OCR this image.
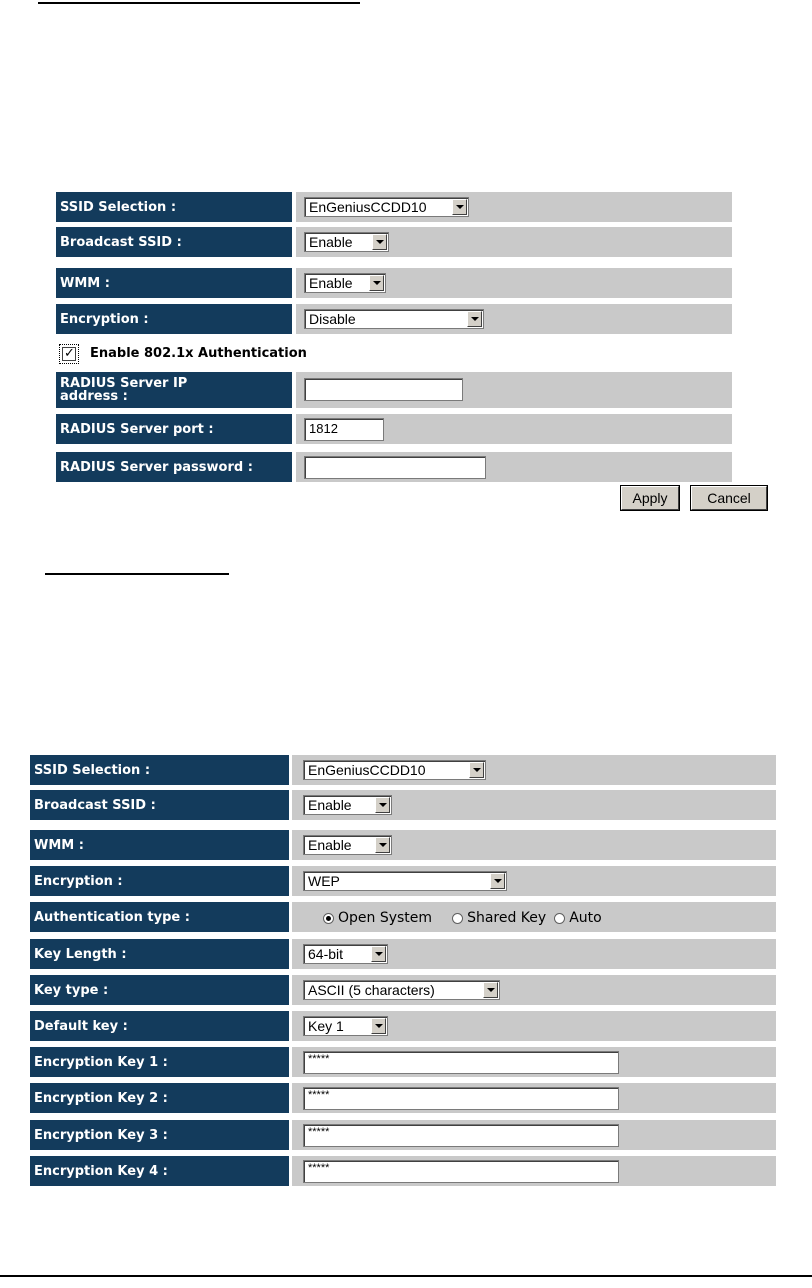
SSID Selection :	EnGeniusCCDD10
Broadcast SSID :	Enable
WMM :	Enable
Encryption :	Disable
✓ Enable 802.1x Authentication
RADIUS Server IP
address :
RADIUS Server port :	1812
RADIUS Server password :
Apply	Cancel
SSID Selection :	EnGeniusCCDD10
Broadcast SSID :	Enable
WMM :	Enable
Encryption :	WEP
Authentication type :	Open System	Shared Key Auto
Key Length :	64-bit
Key type :	ASCII (5 characters)
Default key :	Key 1
Encryption Key 1 :	*****
Encryption Key 2 :	*****
Encryption Key 3 :	*****
Encryption Key 4 :	*****
